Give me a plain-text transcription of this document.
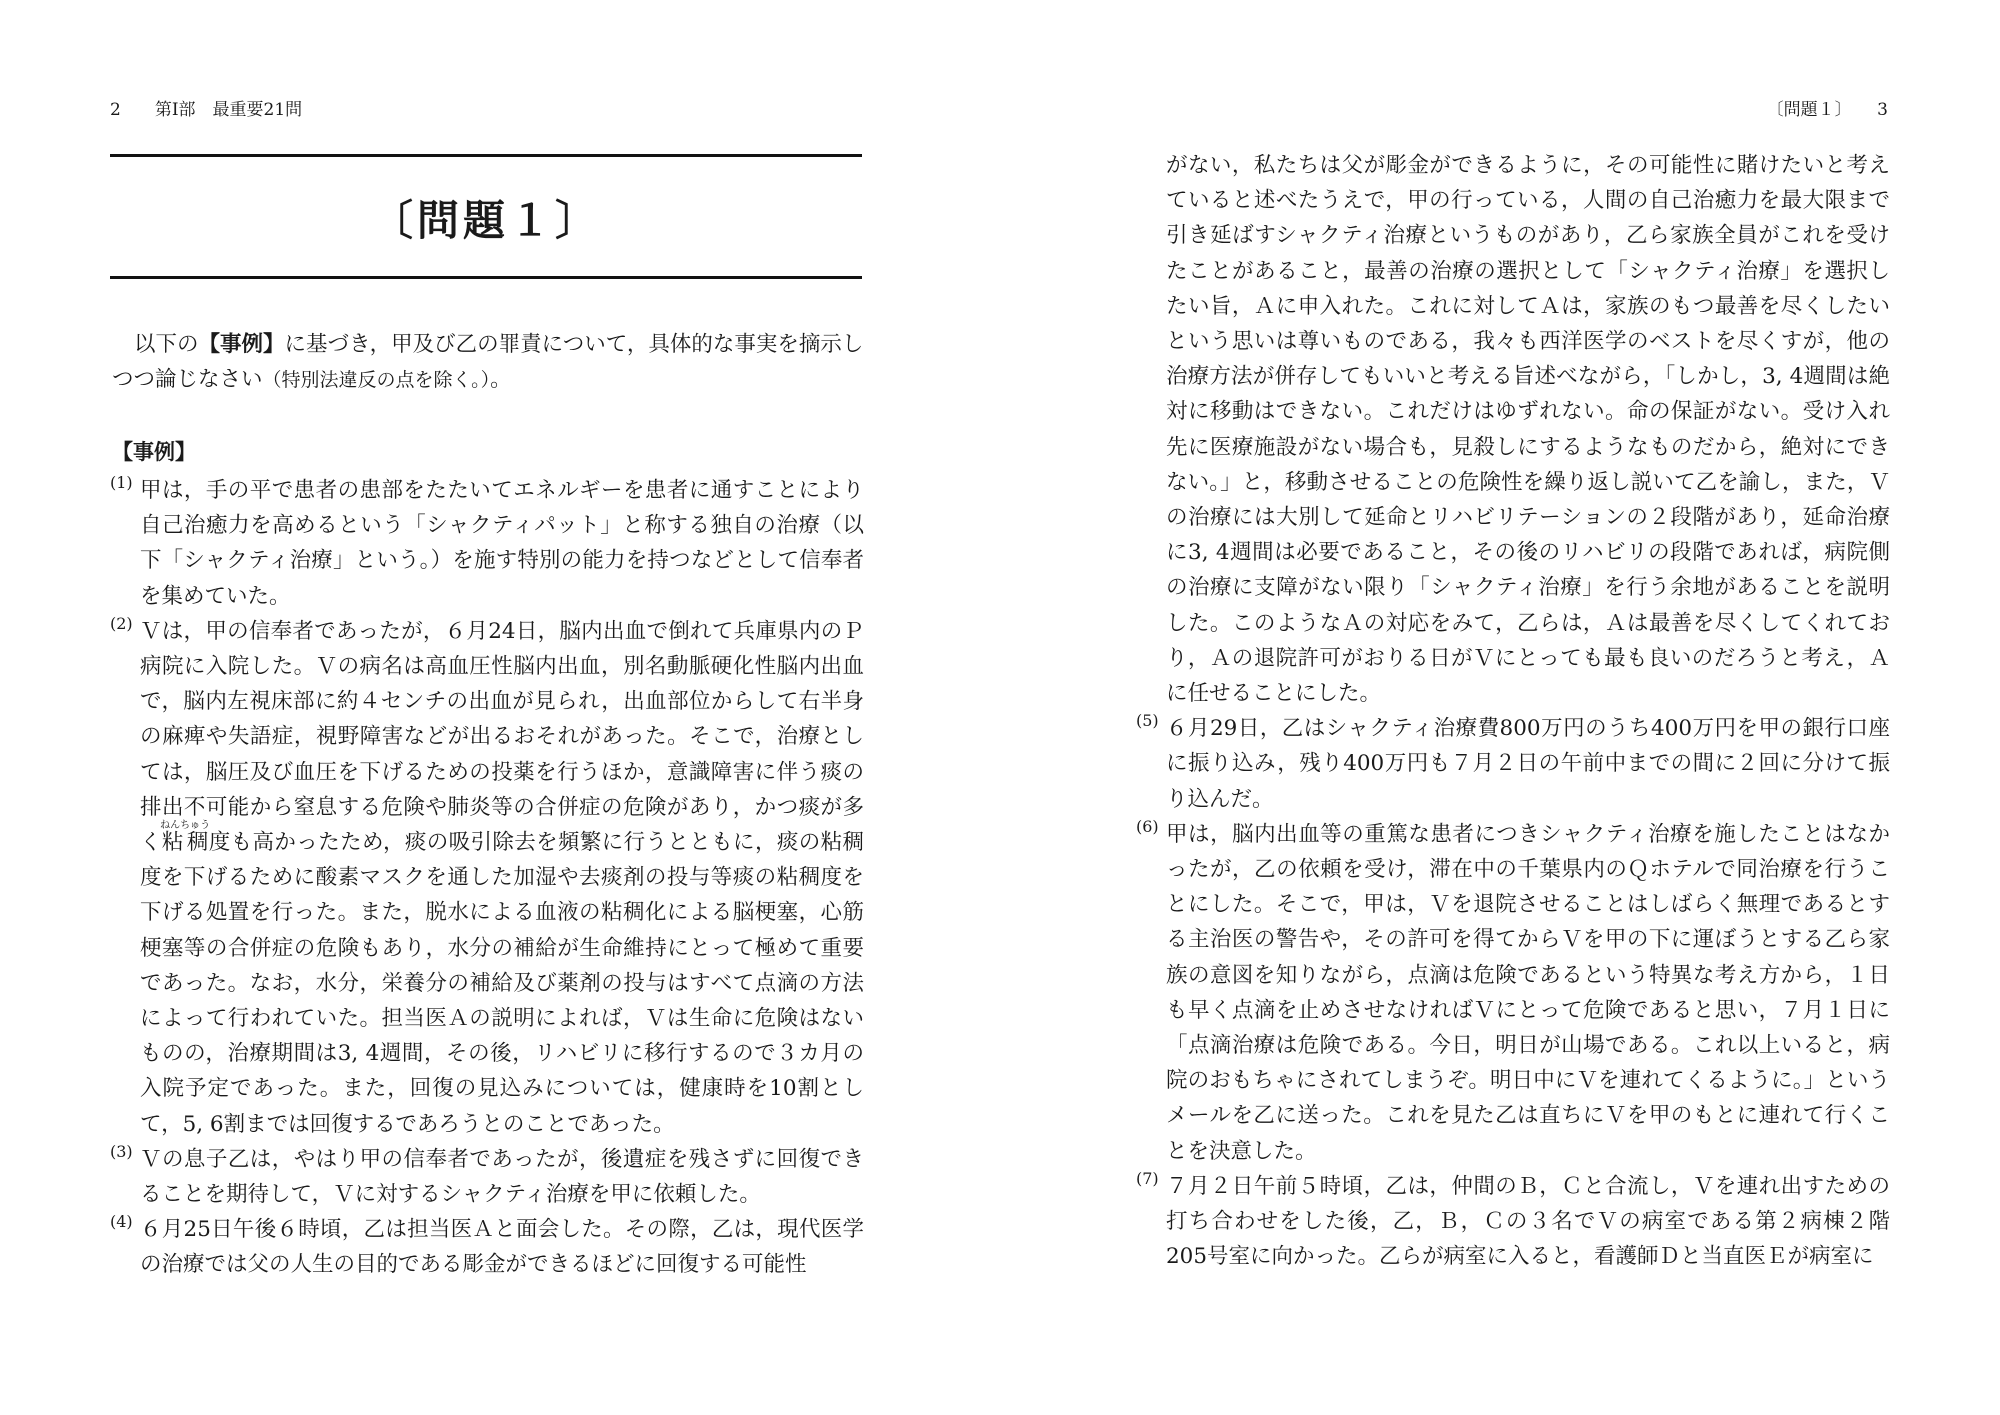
2　　 第Ⅰ部　 最重要21問
〔問題１〕

以下の【事例】に基づき，甲及び乙の罪責について，具体的な事実を摘示しつつ論じなさい（特別法違反の点を除く。）。

【事例】
(1) 甲は，手の平で患者の患部をたたいてエネルギーを患者に通すことにより自己治癒力を高めるという「シャクティパット」と称する独自の治療（以下「シャクティ治療」という。）を施す特別の能力を持つなどとして信奉者を集めていた。

(2) Ｖは，甲の信奉者であったが，６月24日，脳内出血で倒れて兵庫県内のＰ病院に入院した。Ｖの病名は高血圧性脳内出血，別名動脈硬化性脳内出血で，脳内左視床部に約４センチの出血が見られ，出血部位からして右半身の麻痺や失語症，視野障害などが出るおそれがあった。そこで，治療としては，脳圧及び血圧を下げるための投薬を行うほか，意識障害に伴う痰の排出不可能から窒息する危険や肺炎等の合併症の危険があり，かつ痰が多く粘稠ねんちゅう度も高かったため，痰の吸引除去を頻繁に行うとともに，痰の粘稠度を下げるために酸素マスクを通した加湿や去痰剤の投与等痰の粘稠度を下げる処置を行った。また，脱水による血液の粘稠化による脳梗塞，心筋梗塞等の合併症の危険もあり，水分の補給が生命維持にとって極めて重要であった。なお，水分，栄養分の補給及び薬剤の投与はすべて点滴の方法によって行われていた。担当医Ａの説明によれば，Ｖは生命に危険はないものの，治療期間は3, 4週間，その後，リハビリに移行するので３カ月の入院予定であった。また，回復の見込みについては，健康時を10割として，5, 6割までは回復するであろうとのことであった。

(3) Ｖの息子乙は，やはり甲の信奉者であったが，後遺症を残さずに回復できることを期待して，Ｖに対するシャクティ治療を甲に依頼した。

(4) ６月25日午後６時頃，乙は担当医Ａと面会した。その際，乙は，現代医学の治療では父の人生の目的である彫金ができるほどに回復する可能性

〔問題１〕　　 3

がない，私たちは父が彫金ができるように，その可能性に賭けたいと考えていると述べたうえで，甲の行っている，人間の自己治癒力を最大限まで引き延ばすシャクティ治療というものがあり，乙ら家族全員がこれを受けたことがあること，最善の治療の選択として「シャクティ治療」を選択したい旨，Ａに申入れた。これに対してＡは，家族のもつ最善を尽くしたいという思いは尊いものである，我々も西洋医学のベストを尽くすが，他の治療方法が併存してもいいと考える旨述べながら，「しかし，3, 4週間は絶対に移動はできない。これだけはゆずれない。命の保証がない。受け入れ先に医療施設がない場合も，見殺しにするようなものだから，絶対にできない。」と，移動させることの危険性を繰り返し説いて乙を諭し，また，Ｖの治療には大別して延命とリハビリテーションの２段階があり，延命治療に3, 4週間は必要であること，その後のリハビリの段階であれば，病院側の治療に支障がない限り「シャクティ治療」を行う余地があることを説明した。このようなＡの対応をみて，乙らは，Ａは最善を尽くしてくれており，Ａの退院許可がおりる日がＶにとっても最も良いのだろうと考え，Ａに任せることにした。

(5) ６月29日，乙はシャクティ治療費800万円のうち400万円を甲の銀行口座に振り込み，残り400万円も７月２日の午前中までの間に２回に分けて振り込んだ。

(6) 甲は，脳内出血等の重篤な患者につきシャクティ治療を施したことはなかったが，乙の依頼を受け，滞在中の千葉県内のＱホテルで同治療を行うことにした。そこで，甲は，Ｖを退院させることはしばらく無理であるとする主治医の警告や，その許可を得てからＶを甲の下に運ぼうとする乙ら家族の意図を知りながら，点滴は危険であるという特異な考え方から，１日も早く点滴を止めさせなければＶにとって危険であると思い，７月１日に「点滴治療は危険である。今日，明日が山場である。これ以上いると，病院のおもちゃにされてしまうぞ。明日中にＶを連れてくるように。」というメールを乙に送った。これを見た乙は直ちにＶを甲のもとに連れて行くことを決意した。

(7) ７月２日午前５時頃，乙は，仲間のＢ，Ｃと合流し，Ｖを連れ出すための打ち合わせをした後，乙，Ｂ，Ｃの３名でＶの病室である第２病棟２階205号室に向かった。乙らが病室に入ると，看護師Ｄと当直医Ｅが病室に
